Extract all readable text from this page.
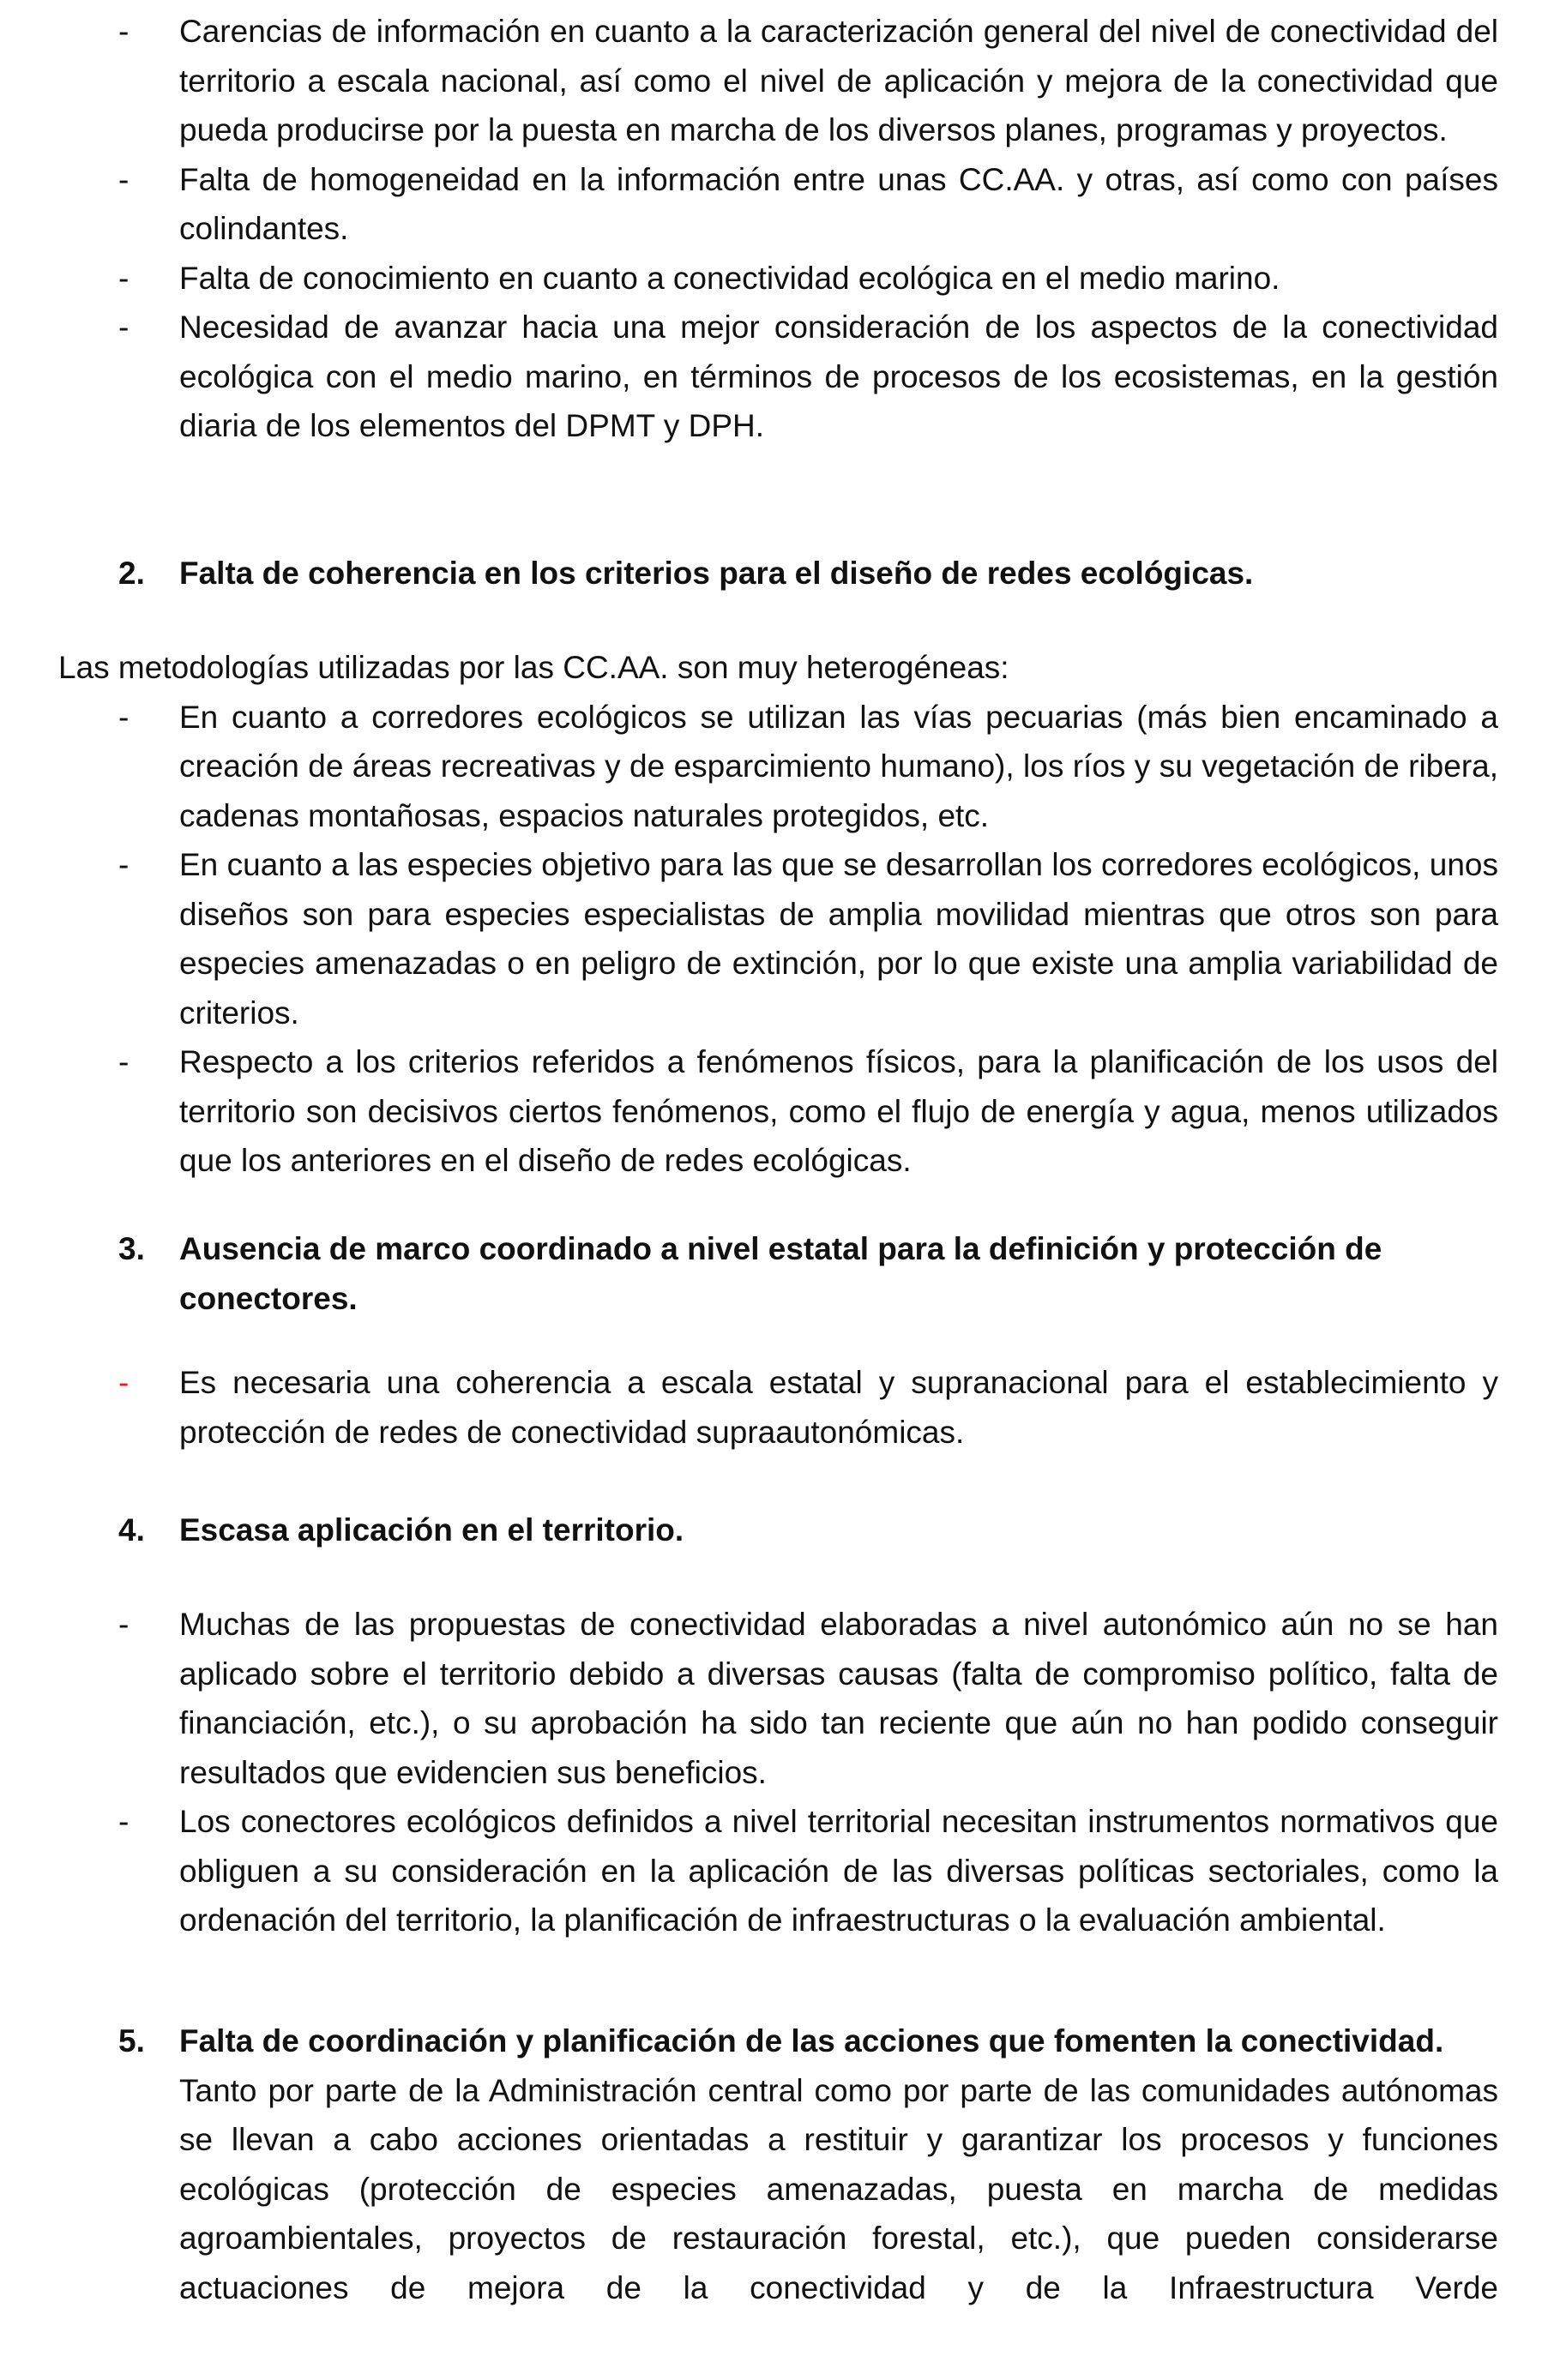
-	Carencias de información en cuanto a la caracterización general del nivel de conectividad del territorio a escala nacional, así como el nivel de aplicación y mejora de la conectividad que pueda producirse por la puesta en marcha de los diversos planes, programas y proyectos.
-	Falta de homogeneidad en la información entre unas CC.AA. y otras, así como con países colindantes.
-	Falta de conocimiento en cuanto a conectividad ecológica en el medio marino.
-	Necesidad de avanzar hacia una mejor consideración de los aspectos de la conectividad ecológica con el medio marino, en términos de procesos de los ecosistemas, en la gestión diaria de los elementos del DPMT y DPH.
2. Falta de coherencia en los criterios para el diseño de redes ecológicas.
Las metodologías utilizadas por las CC.AA. son muy heterogéneas:
-	En cuanto a corredores ecológicos se utilizan las vías pecuarias (más bien encaminado a creación de áreas recreativas y de esparcimiento humano), los ríos y su vegetación de ribera, cadenas montañosas, espacios naturales protegidos, etc.
-	En cuanto a las especies objetivo para las que se desarrollan los corredores ecológicos, unos diseños son para especies especialistas de amplia movilidad mientras que otros son para especies amenazadas o en peligro de extinción, por lo que existe una amplia variabilidad de criterios.
-	Respecto a los criterios referidos a fenómenos físicos, para la planificación de los usos del territorio son decisivos ciertos fenómenos, como el flujo de energía y agua, menos utilizados que los anteriores en el diseño de redes ecológicas.
3. Ausencia de marco coordinado a nivel estatal para la definición y protección de conectores.
-	Es necesaria una coherencia a escala estatal y supranacional para el establecimiento y protección de redes de conectividad supraautonómicas.
4. Escasa aplicación en el territorio.
-	Muchas de las propuestas de conectividad elaboradas a nivel autonómico aún no se han aplicado sobre el territorio debido a diversas causas (falta de compromiso político, falta de financiación, etc.), o su aprobación ha sido tan reciente que aún no han podido conseguir resultados que evidencien sus beneficios.
-	Los conectores ecológicos definidos a nivel territorial necesitan instrumentos normativos que obliguen a su consideración en la aplicación de las diversas políticas sectoriales, como la ordenación del territorio, la planificación de infraestructuras o la evaluación ambiental.
5. Falta de coordinación y planificación de las acciones que fomenten la conectividad.
Tanto por parte de la Administración central como por parte de las comunidades autónomas se llevan a cabo acciones orientadas a restituir y garantizar los procesos y funciones ecológicas (protección de especies amenazadas, puesta en marcha de medidas agroambientales, proyectos de restauración forestal, etc.), que pueden considerarse actuaciones de mejora de la conectividad y de la Infraestructura Verde
